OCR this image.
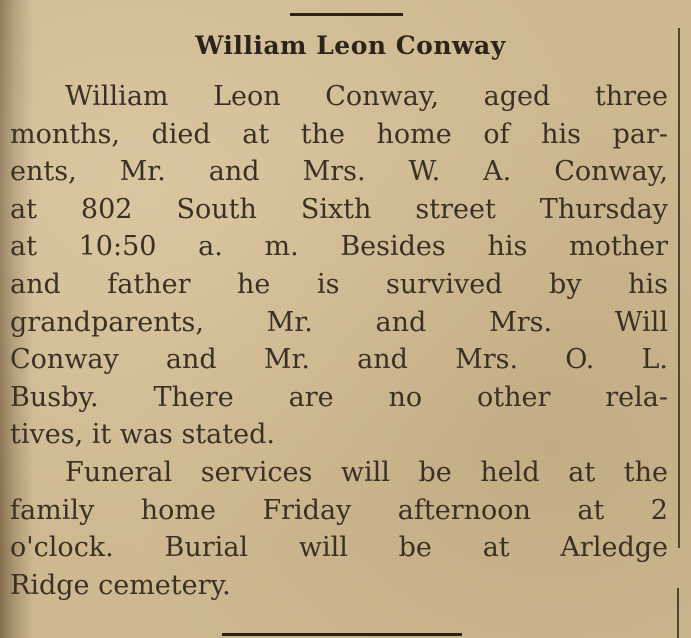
William Leon Conway

William Leon Conway, aged three
months, died at the home of his par-
ents, Mr. and Mrs. W. A. Conway,
at 802 South Sixth street Thursday
at 10:50 a. m. Besides his mother
and father he is survived by his
grandparents, Mr. and Mrs. Will
Conway and Mr. and Mrs. O. L.
Busby. There are no other rela-
tives, it was stated.

Funeral services will be held at the
family home Friday afternoon at 2
o'clock. Burial will be at Arledge
Ridge cemetery.
